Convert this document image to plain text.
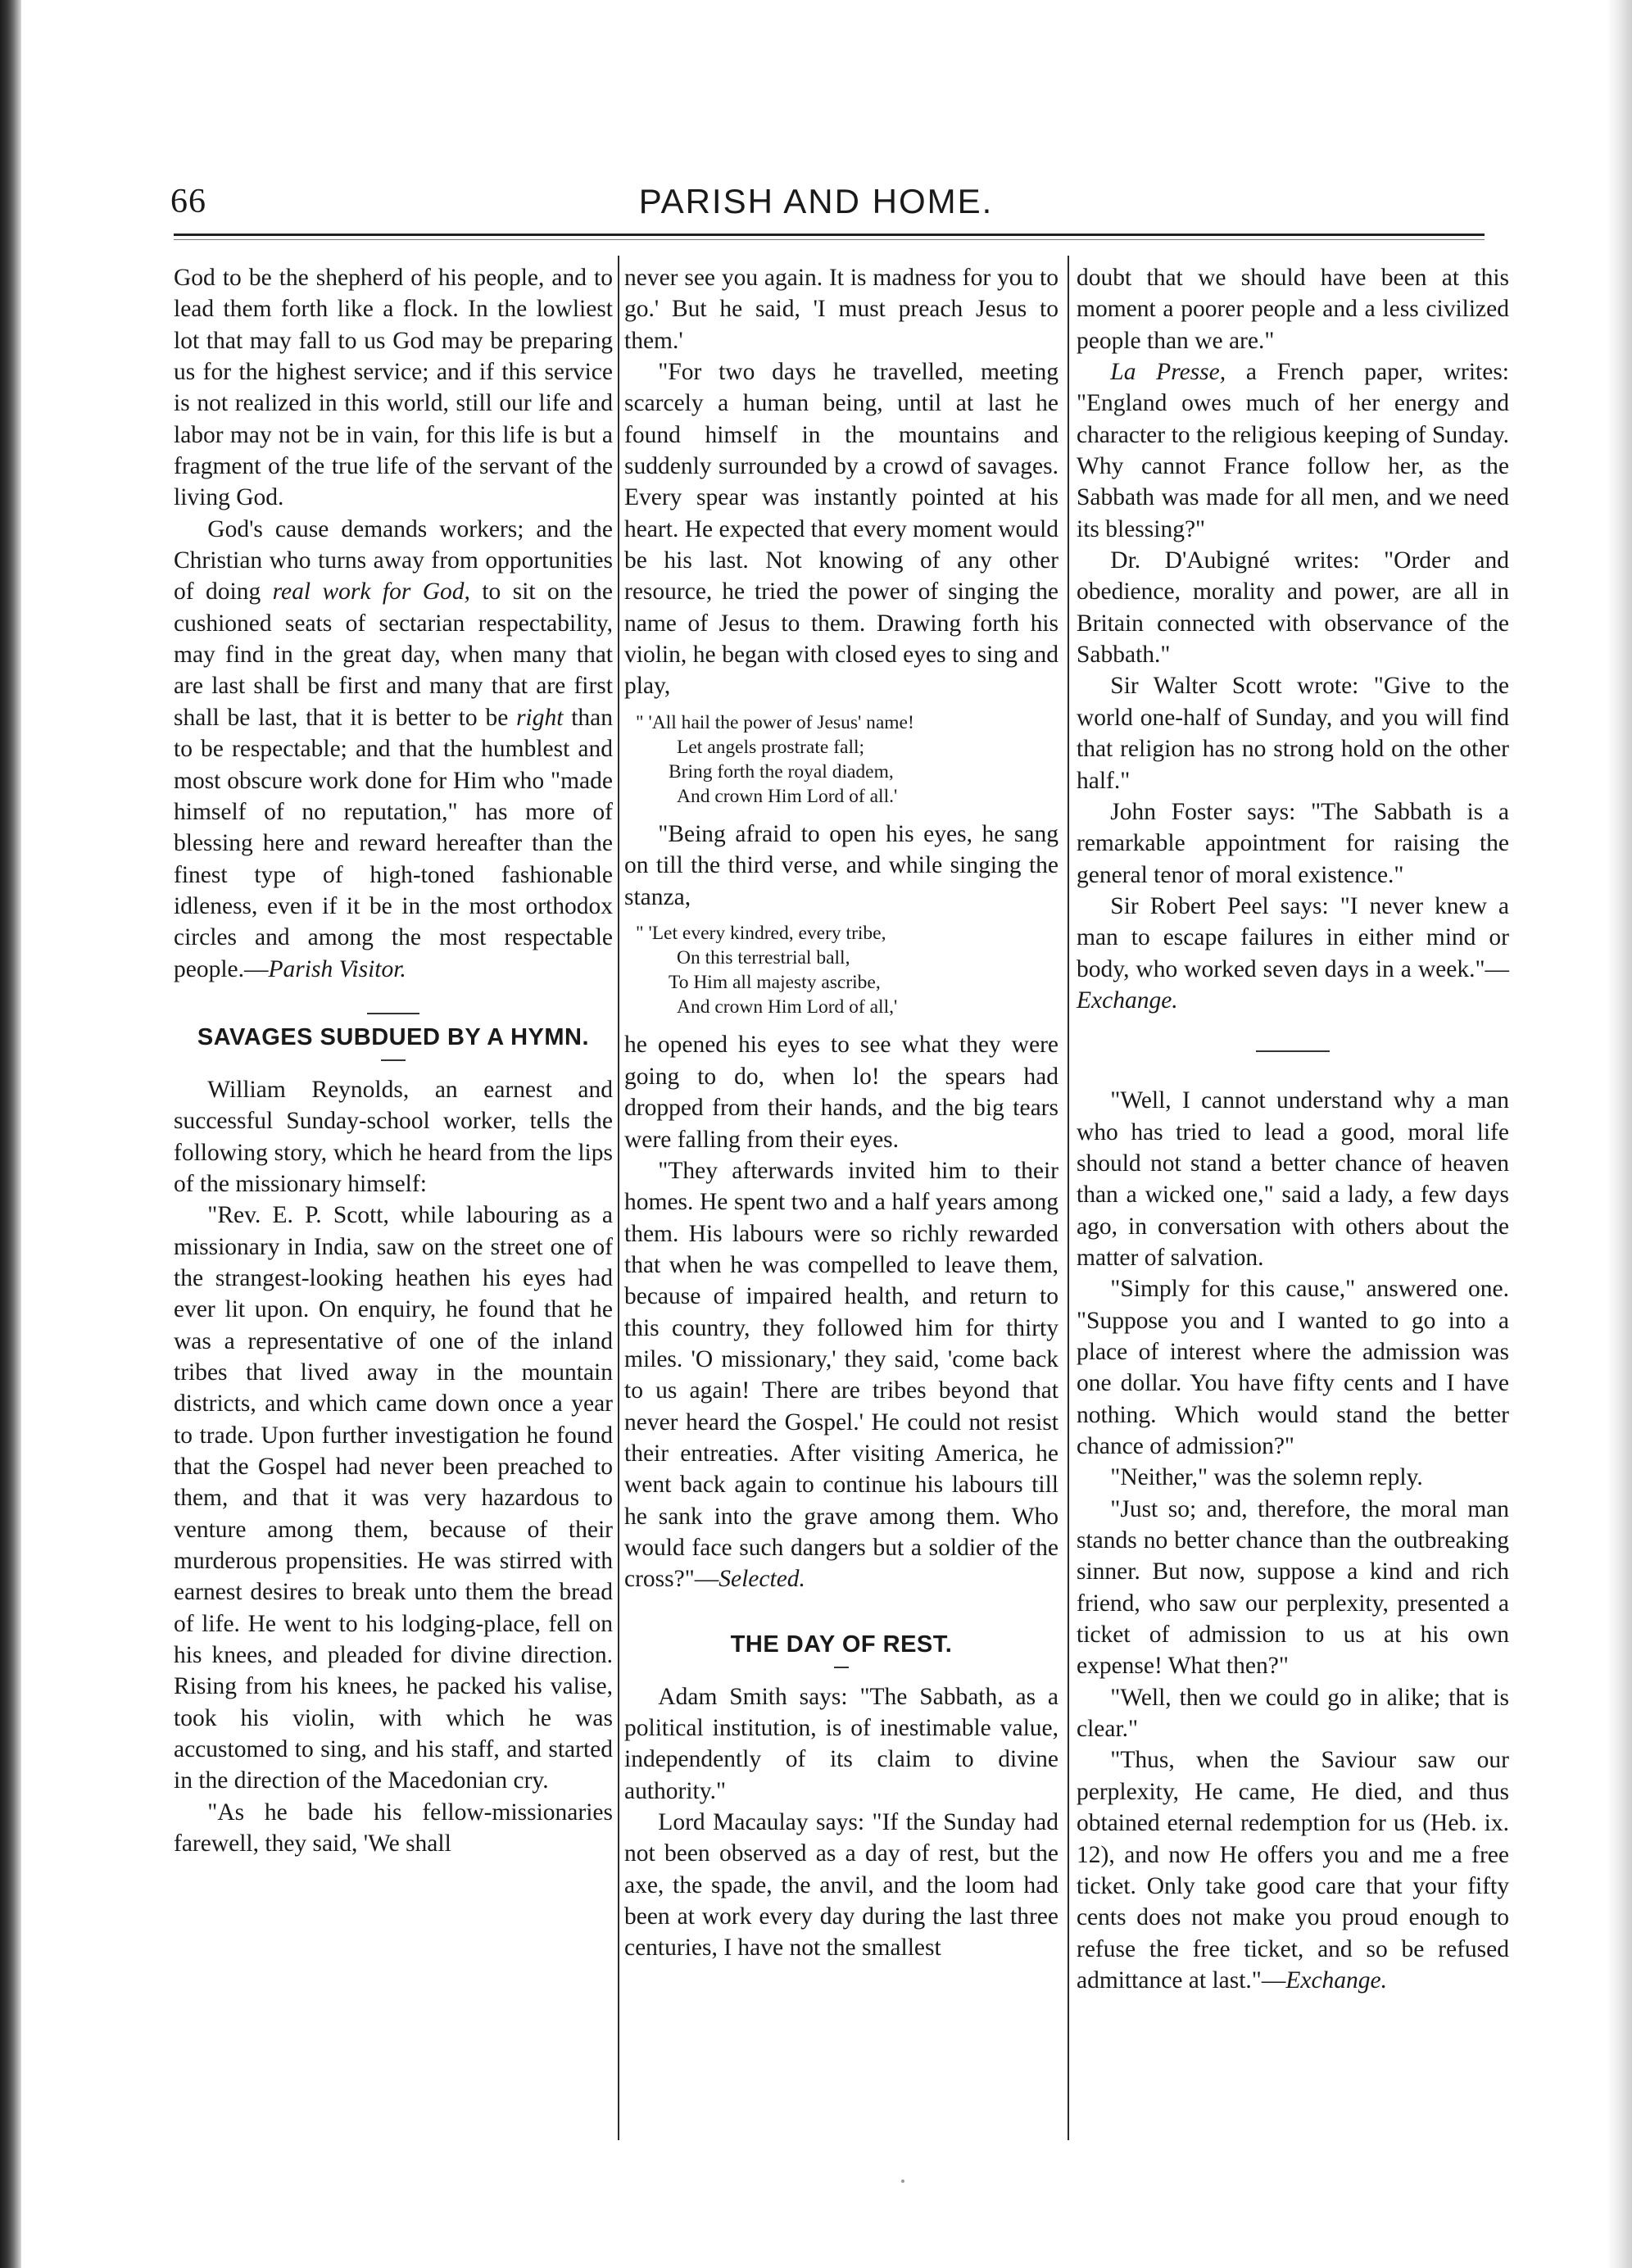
66	PARISH AND HOME.

God to be the shepherd of his people, and to lead them forth like a flock. In the lowliest lot that may fall to us God may be preparing us for the highest service; and if this service is not realized in this world, still our life and labor may not be in vain, for this life is but a fragment of the true life of the servant of the living God.

God's cause demands workers; and the Christian who turns away from opportunities of doing real work for God, to sit on the cushioned seats of sectarian respectability, may find in the great day, when many that are last shall be first and many that are first shall be last, that it is better to be right than to be respectable; and that the humblest and most obscure work done for Him who "made himself of no reputation," has more of blessing here and reward hereafter than the finest type of high-toned fashionable idleness, even if it be in the most orthodox circles and among the most respectable people.—Parish Visitor.

SAVAGES SUBDUED BY A HYMN.

William Reynolds, an earnest and successful Sunday-school worker, tells the following story, which he heard from the lips of the missionary himself:

"Rev. E. P. Scott, while labouring as a missionary in India, saw on the street one of the strangest-looking heathen his eyes had ever lit upon. On enquiry, he found that he was a representative of one of the inland tribes that lived away in the mountain districts, and which came down once a year to trade. Upon further investigation he found that the Gospel had never been preached to them, and that it was very hazardous to venture among them, because of their murderous propensities. He was stirred with earnest desires to break unto them the bread of life. He went to his lodging-place, fell on his knees, and pleaded for divine direction. Rising from his knees, he packed his valise, took his violin, with which he was accustomed to sing, and his staff, and started in the direction of the Macedonian cry.

"As he bade his fellow-missionaries farewell, they said, 'We shall

never see you again. It is madness for you to go.' But he said, 'I must preach Jesus to them.'

"For two days he travelled, meeting scarcely a human being, until at last he found himself in the mountains and suddenly surrounded by a crowd of savages. Every spear was instantly pointed at his heart. He expected that every moment would be his last. Not knowing of any other resource, he tried the power of singing the name of Jesus to them. Drawing forth his violin, he began with closed eyes to sing and play,

" 'All hail the power of Jesus' name!
Let angels prostrate fall;
Bring forth the royal diadem,
And crown Him Lord of all.'

"Being afraid to open his eyes, he sang on till the third verse, and while singing the stanza,

" 'Let every kindred, every tribe,
On this terrestrial ball,
To Him all majesty ascribe,
And crown Him Lord of all,'

he opened his eyes to see what they were going to do, when lo! the spears had dropped from their hands, and the big tears were falling from their eyes.

"They afterwards invited him to their homes. He spent two and a half years among them. His labours were so richly rewarded that when he was compelled to leave them, because of impaired health, and return to this country, they followed him for thirty miles. 'O missionary,' they said, 'come back to us again! There are tribes beyond that never heard the Gospel.' He could not resist their entreaties. After visiting America, he went back again to continue his labours till he sank into the grave among them. Who would face such dangers but a soldier of the cross?"—Selected.

THE DAY OF REST.

Adam Smith says: "The Sabbath, as a political institution, is of inestimable value, independently of its claim to divine authority."

Lord Macaulay says: "If the Sunday had not been observed as a day of rest, but the axe, the spade, the anvil, and the loom had been at work every day during the last three centuries, I have not the smallest

doubt that we should have been at this moment a poorer people and a less civilized people than we are."

La Presse, a French paper, writes: "England owes much of her energy and character to the religious keeping of Sunday. Why cannot France follow her, as the Sabbath was made for all men, and we need its blessing?"

Dr. D'Aubigné writes: "Order and obedience, morality and power, are all in Britain connected with observance of the Sabbath."

Sir Walter Scott wrote: "Give to the world one-half of Sunday, and you will find that religion has no strong hold on the other half."

John Foster says: "The Sabbath is a remarkable appointment for raising the general tenor of moral existence."

Sir Robert Peel says: "I never knew a man to escape failures in either mind or body, who worked seven days in a week."—Exchange.

"Well, I cannot understand why a man who has tried to lead a good, moral life should not stand a better chance of heaven than a wicked one," said a lady, a few days ago, in conversation with others about the matter of salvation.

"Simply for this cause," answered one. "Suppose you and I wanted to go into a place of interest where the admission was one dollar. You have fifty cents and I have nothing. Which would stand the better chance of admission?"

"Neither," was the solemn reply.

"Just so; and, therefore, the moral man stands no better chance than the outbreaking sinner. But now, suppose a kind and rich friend, who saw our perplexity, presented a ticket of admission to us at his own expense! What then?"

"Well, then we could go in alike; that is clear."

"Thus, when the Saviour saw our perplexity, He came, He died, and thus obtained eternal redemption for us (Heb. ix. 12), and now He offers you and me a free ticket. Only take good care that your fifty cents does not make you proud enough to refuse the free ticket, and so be refused admittance at last."—Exchange.
